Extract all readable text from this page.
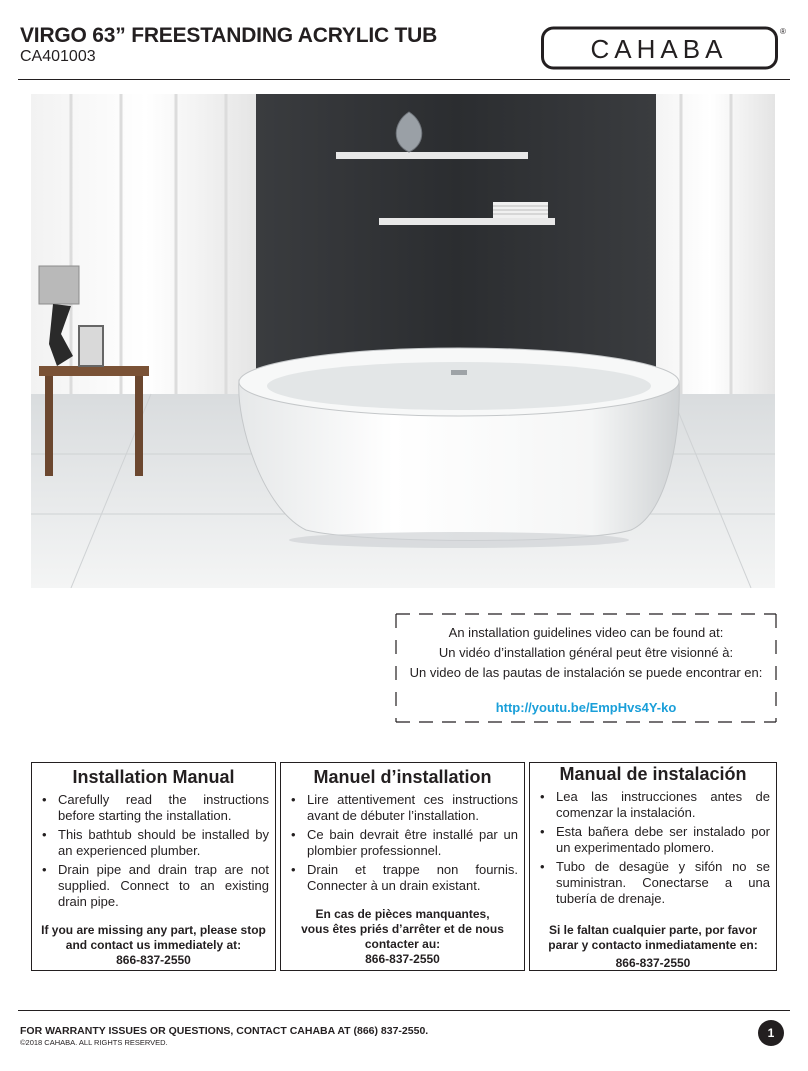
VIRGO 63” FREESTANDING ACRYLIC TUB
CA401003	CAHABA
®
An installation guidelines video can be found at:
Un vidéo d’installation général peut être visionné à:
Un video de las pautas de instalación se puede encontrar en:
http://youtu.be/EmpHvs4Y-ko
Installation Manual
• Carefully read the instructions before starting the installation.
• This bathtub should be installed by an experienced plumber.
• Drain pipe and drain trap are not supplied. Connect to an existing drain pipe.
If you are missing any part, please stop
and contact us immediately at:
866-837-2550
Manuel d’installation
• Lire attentivement ces instructions avant de débuter l’installation.
• Ce bain devrait être installé par un plombier professionnel.
• Drain et trappe non fournis. Connecter à un drain existant.
En cas de pièces manquantes,
vous êtes priés d’arrêter et de nous
contacter au:
866-837-2550
Manual de instalación
• Lea las instrucciones antes de comenzar la instalación.
• Esta bañera debe ser instalado por un experimentado plomero.
• Tubo de desagüe y sifón no se suministran. Conectarse a una tubería de drenaje.
Si le faltan cualquier parte, por favor
parar y contacto inmediatamente en:
866-837-2550
FOR WARRANTY ISSUES OR QUESTIONS, CONTACT CAHABA AT (866) 837-2550.
©2018 CAHABA. ALL RIGHTS RESERVED.
1
